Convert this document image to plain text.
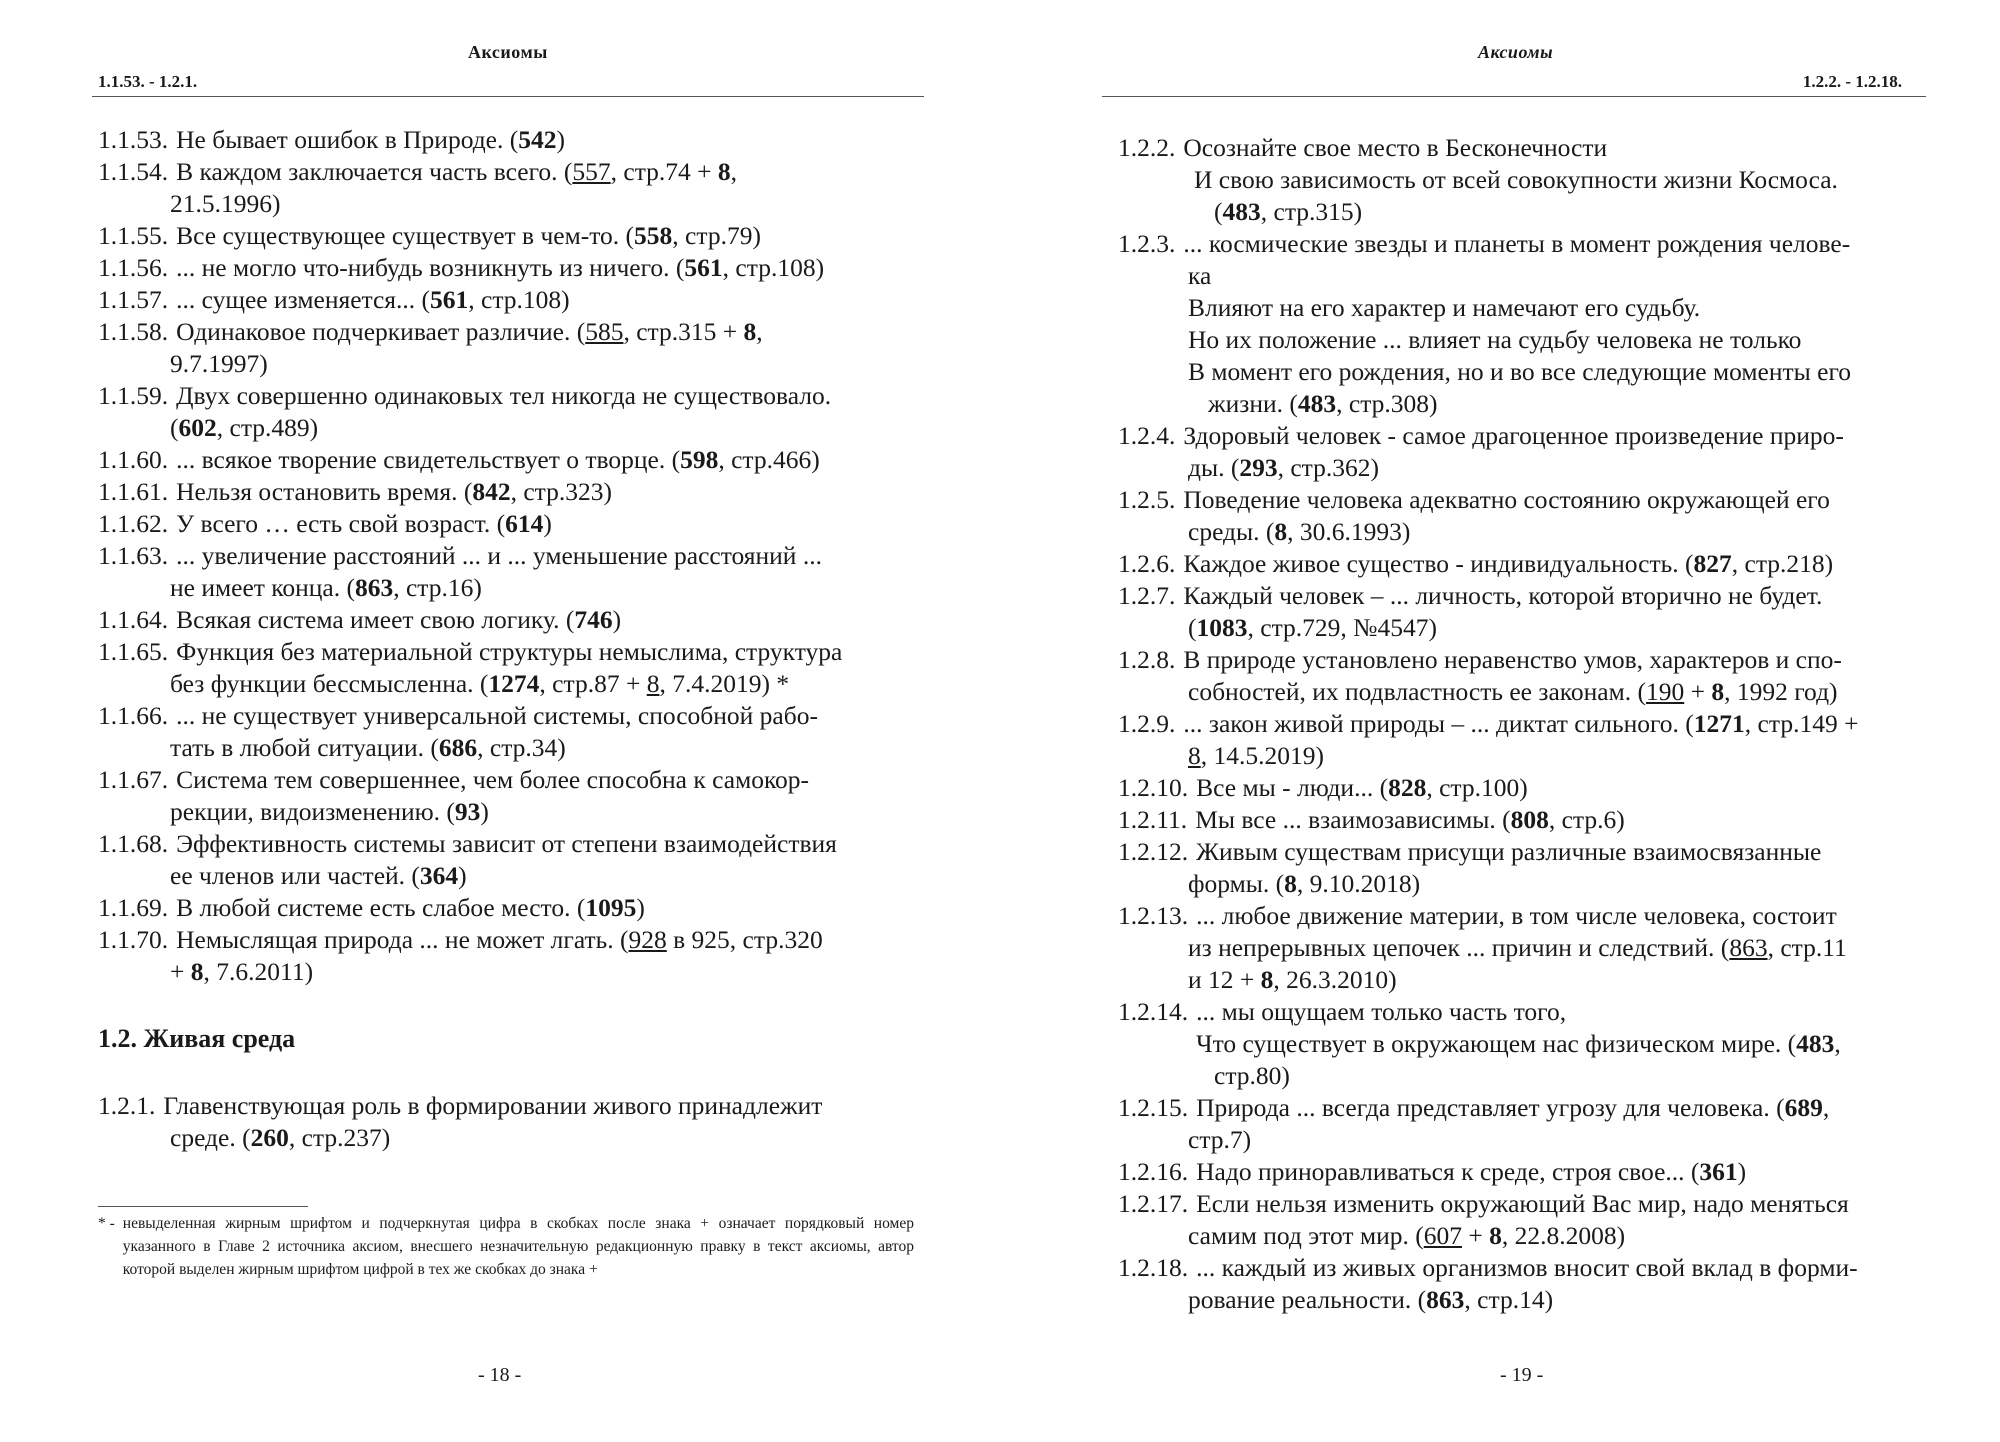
Аксиомы
1.1.53. - 1.2.1.
1.1.53. Не бывает ошибок в Природе. (542)
1.1.54. В каждом заключается часть всего. (557, стр.74 + 8,
21.5.1996)
1.1.55. Все существующее существует в чем-то. (558, стр.79)
1.1.56. ... не могло что-нибудь возникнуть из ничего. (561, стр.108)
1.1.57. ... сущее изменяется... (561, стр.108)
1.1.58. Одинаковое подчеркивает различие. (585, стр.315 + 8,
9.7.1997)
1.1.59. Двух совершенно одинаковых тел никогда не существовало.
(602, стр.489)
1.1.60. ... всякое творение свидетельствует о творце. (598, стр.466)
1.1.61. Нельзя остановить время. (842, стр.323)
1.1.62. У всего … есть свой возраст. (614)
1.1.63. ... увеличение расстояний ... и ... уменьшение расстояний ...
не имеет конца. (863, стр.16)
1.1.64. Всякая система имеет свою логику. (746)
1.1.65. Функция без материальной структуры немыслима, структура
без функции бессмысленна. (1274, стр.87 + 8, 7.4.2019) *
1.1.66. ... не существует универсальной системы, способной рабо-
тать в любой ситуации. (686, стр.34)
1.1.67. Система тем совершеннее, чем более способна к самокор-
рекции, видоизменению. (93)
1.1.68. Эффективность системы зависит от степени взаимодействия
ее членов или частей. (364)
1.1.69. В любой системе есть слабое место. (1095)
1.1.70. Немыслящая природа ... не может лгать. (928 в 925, стр.320
+ 8, 7.6.2011)
1.2. Живая среда
1.2.1. Главенствующая роль в формировании живого принадлежит
среде. (260, стр.237)
* - невыделенная жирным шрифтом и подчеркнутая цифра в скобках после знака + означает порядковый номер указанного в Главе 2 источника аксиом, внесшего незначительную редакционную правку в текст аксиомы, автор которой выделен жирным шрифтом цифрой в тех же скобках до знака +
- 18 -
Аксиомы
1.2.2. - 1.2.18.
1.2.2. Осознайте свое место в Бесконечности
И свою зависимость от всей совокупности жизни Космоса.
(483, стр.315)
1.2.3. ... космические звезды и планеты в момент рождения челове-
ка
Влияют на его характер и намечают его судьбу.
Но их положение ... влияет на судьбу человека не только
В момент его рождения, но и во все следующие моменты его
жизни. (483, стр.308)
1.2.4. Здоровый человек - самое драгоценное произведение приро-
ды. (293, стр.362)
1.2.5. Поведение человека адекватно состоянию окружающей его
среды. (8, 30.6.1993)
1.2.6. Каждое живое существо - индивидуальность. (827, стр.218)
1.2.7. Каждый человек – ... личность, которой вторично не будет.
(1083, стр.729, №4547)
1.2.8. В природе установлено неравенство умов, характеров и спо-
собностей, их подвластность ее законам. (190 + 8, 1992 год)
1.2.9. ... закон живой природы – ... диктат сильного. (1271, стр.149 +
8, 14.5.2019)
1.2.10. Все мы - люди... (828, стр.100)
1.2.11. Мы все ... взаимозависимы. (808, стр.6)
1.2.12. Живым существам присущи различные взаимосвязанные
формы. (8, 9.10.2018)
1.2.13. ... любое движение материи, в том числе человека, состоит
из непрерывных цепочек ... причин и следствий. (863, стр.11
и 12 + 8, 26.3.2010)
1.2.14. ... мы ощущаем только часть того,
Что существует в окружающем нас физическом мире. (483,
стр.80)
1.2.15. Природа ... всегда представляет угрозу для человека. (689,
стр.7)
1.2.16. Надо приноравливаться к среде, строя свое... (361)
1.2.17. Если нельзя изменить окружающий Вас мир, надо меняться
самим под этот мир. (607 + 8, 22.8.2008)
1.2.18. ... каждый из живых организмов вносит свой вклад в форми-
рование реальности. (863, стр.14)
- 19 -
